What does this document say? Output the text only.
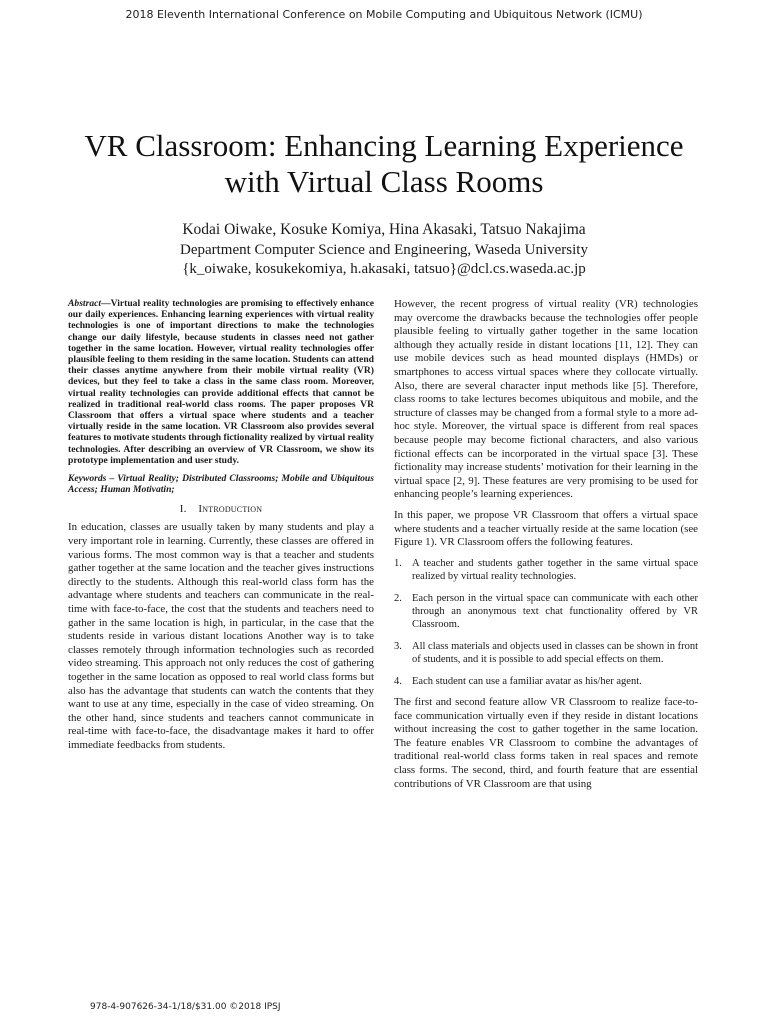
2018 Eleventh International Conference on Mobile Computing and Ubiquitous Network (ICMU)
VR Classroom: Enhancing Learning Experience
with Virtual Class Rooms
Kodai Oiwake, Kosuke Komiya, Hina Akasaki, Tatsuo Nakajima
Department Computer Science and Engineering, Waseda University
{k_oiwake, kosukekomiya, h.akasaki, tatsuo}@dcl.cs.waseda.ac.jp

Abstract—Virtual reality technologies are promising to effectively enhance our daily experiences. Enhancing learning experiences with virtual reality technologies is one of important directions to make the technologies change our daily lifestyle, because students in classes need not gather together in the same location. However, virtual reality technologies offer plausible feeling to them residing in the same location. Students can attend their classes anytime anywhere from their mobile virtual reality (VR) devices, but they feel to take a class in the same class room. Moreover, virtual reality technologies can provide additional effects that cannot be realized in traditional real-world class rooms. The paper proposes VR Classroom that offers a virtual space where students and a teacher virtually reside in the same location. VR Classroom also provides several features to motivate students through fictionality realized by virtual reality technologies. After describing an overview of VR Classroom, we show its prototype implementation and user study.

Keywords – Virtual Reality; Distributed Classrooms; Mobile and Ubiquitous Access; Human Motivatin;

I. Introduction

In education, classes are usually taken by many students and play a very important role in learning. Currently, these classes are offered in various forms. The most common way is that a teacher and students gather together at the same location and the teacher gives instructions directly to the students. Although this real-world class form has the advantage where students and teachers can communicate in the real-time with face-to-face, the cost that the students and teachers need to gather in the same location is high, in particular, in the case that the students reside in various distant locations Another way is to take classes remotely through information technologies such as recorded video streaming. This approach not only reduces the cost of gathering together in the same location as opposed to real world class forms but also has the advantage that students can watch the contents that they want to use at any time, especially in the case of video streaming. On the other hand, since students and teachers cannot communicate in real-time with face-to-face, the disadvantage makes it hard to offer immediate feedbacks from students.

However, the recent progress of virtual reality (VR) technologies may overcome the drawbacks because the technologies offer people plausible feeling to virtually gather together in the same location although they actually reside in distant locations [11, 12]. They can use mobile devices such as head mounted displays (HMDs) or smartphones to access virtual spaces where they collocate virtually. Also, there are several character input methods like [5]. Therefore, class rooms to take lectures becomes ubiquitous and mobile, and the structure of classes may be changed from a formal style to a more ad-hoc style. Moreover, the virtual space is different from real spaces because people may become fictional characters, and also various fictional effects can be incorporated in the virtual space [3]. These fictionality may increase students’ motivation for their learning in the virtual space [2, 9]. These features are very promising to be used for enhancing people’s learning experiences.

In this paper, we propose VR Classroom that offers a virtual space where students and a teacher virtually reside at the same location (see Figure 1). VR Classroom offers the following features.

1. A teacher and students gather together in the same virtual space realized by virtual reality technologies.
2. Each person in the virtual space can communicate with each other through an anonymous text chat functionality offered by VR Classroom.
3. All class materials and objects used in classes can be shown in front of students, and it is possible to add special effects on them.
4. Each student can use a familiar avatar as his/her agent.

The first and second feature allow VR Classroom to realize face-to-face communication virtually even if they reside in distant locations without increasing the cost to gather together in the same location. The feature enables VR Classroom to combine the advantages of traditional real-world class forms taken in real spaces and remote class forms. The second, third, and fourth feature that are essential contributions of VR Classroom are that using

978-4-907626-34-1/18/$31.00 ©2018 IPSJ
